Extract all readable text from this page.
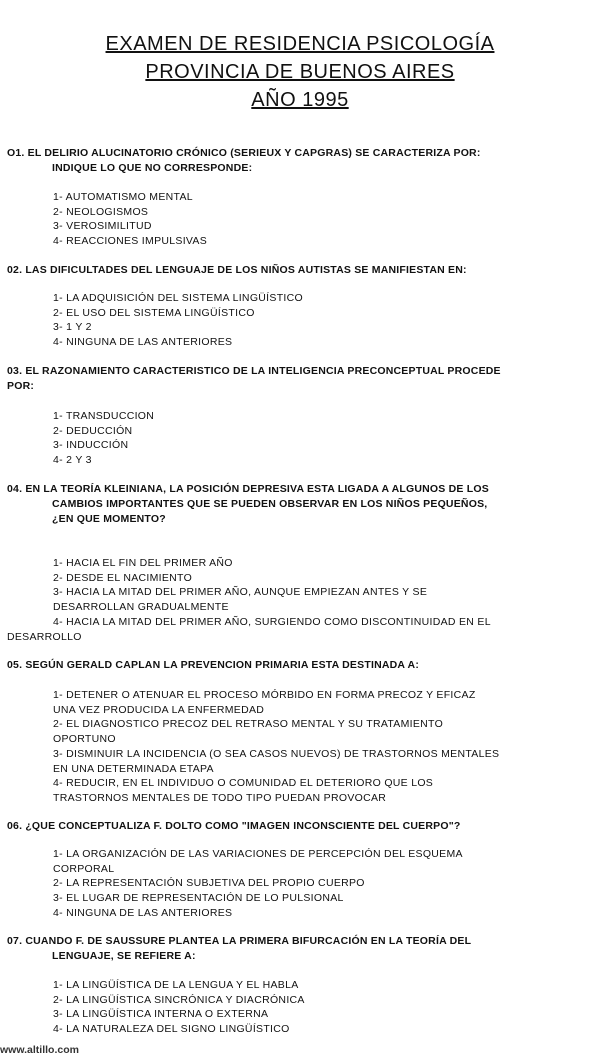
EXAMEN DE RESIDENCIA PSICOLOGÍA
PROVINCIA DE BUENOS AIRES
AÑO 1995
O1. EL DELIRIO ALUCINATORIO CRÓNICO (SERIEUX Y CAPGRAS) SE CARACTERIZA POR:
INDIQUE LO QUE NO CORRESPONDE:
1- AUTOMATISMO MENTAL
2- NEOLOGISMOS
3- VEROSIMILITUD
4- REACCIONES IMPULSIVAS
02. LAS DIFICULTADES DEL LENGUAJE DE LOS NIÑOS AUTISTAS SE MANIFIESTAN EN:
1- LA ADQUISICIÓN DEL SISTEMA LINGÜÍSTICO
2- EL USO DEL SISTEMA LINGÜÍSTICO
3- 1 Y 2
4- NINGUNA DE LAS ANTERIORES
03. EL RAZONAMIENTO CARACTERISTICO DE LA INTELIGENCIA PRECONCEPTUAL PROCEDE
POR:
1- TRANSDUCCION
2- DEDUCCIÓN
3- INDUCCIÓN
4- 2 Y 3
04. EN LA TEORÍA KLEINIANA, LA POSICIÓN DEPRESIVA ESTA LIGADA A ALGUNOS DE LOS
CAMBIOS IMPORTANTES QUE SE PUEDEN OBSERVAR EN LOS NIÑOS PEQUEÑOS,
¿EN QUE MOMENTO?
1- HACIA EL FIN DEL PRIMER AÑO
2- DESDE EL NACIMIENTO
3- HACIA LA MITAD DEL PRIMER AÑO, AUNQUE EMPIEZAN ANTES Y SE
DESARROLLAN GRADUALMENTE
4- HACIA LA MITAD DEL PRIMER AÑO, SURGIENDO COMO DISCONTINUIDAD EN EL
DESARROLLO
05. SEGÚN GERALD CAPLAN LA PREVENCION PRIMARIA ESTA DESTINADA A:
1- DETENER O ATENUAR EL PROCESO MÓRBIDO EN FORMA PRECOZ Y EFICAZ
UNA VEZ PRODUCIDA LA ENFERMEDAD
2- EL DIAGNOSTICO PRECOZ DEL RETRASO MENTAL Y SU TRATAMIENTO
OPORTUNO
3- DISMINUIR LA INCIDENCIA (O SEA CASOS NUEVOS) DE TRASTORNOS MENTALES
EN UNA DETERMINADA ETAPA
4- REDUCIR, EN EL INDIVIDUO O COMUNIDAD EL DETERIORO QUE LOS
TRASTORNOS MENTALES DE TODO TIPO PUEDAN PROVOCAR
06. ¿QUE CONCEPTUALIZA F. DOLTO COMO "IMAGEN INCONSCIENTE DEL CUERPO"?
1- LA ORGANIZACIÓN DE LAS VARIACIONES DE PERCEPCIÓN DEL ESQUEMA
CORPORAL
2- LA REPRESENTACIÓN SUBJETIVA DEL PROPIO CUERPO
3- EL LUGAR DE REPRESENTACIÓN DE LO PULSIONAL
4- NINGUNA DE LAS ANTERIORES
07. CUANDO F. DE SAUSSURE PLANTEA LA PRIMERA BIFURCACIÓN EN LA TEORÍA DEL
LENGUAJE, SE REFIERE A:
1- LA LINGÜÍSTICA DE LA LENGUA Y EL HABLA
2- LA LINGÜÍSTICA SINCRÓNICA Y DIACRÓNICA
3- LA LINGÜÍSTICA INTERNA O EXTERNA
4- LA NATURALEZA DEL SIGNO LINGÜÍSTICO
www.altillo.com
